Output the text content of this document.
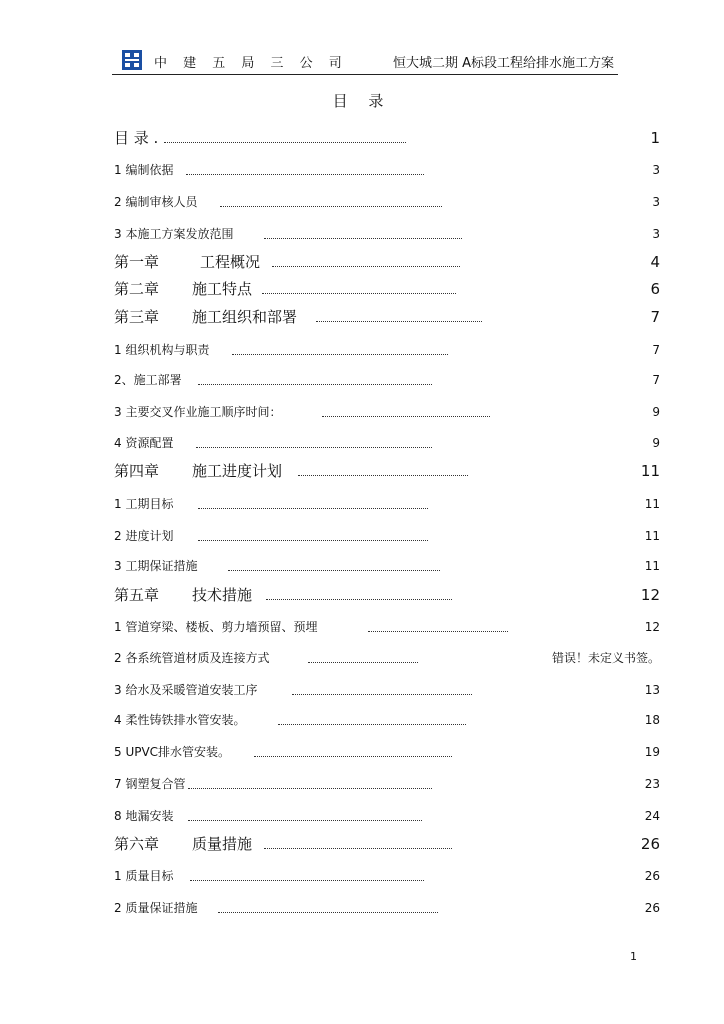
中 建 五 局 三 公 司	恒大城二期 A标段工程给排水施工方案
目 录
目 录 .	1
1 编制依据	3
2 编制审核人员	3
3 本施工方案发放范围	3
第一章	工程概况	4
第二章 施工特点	6
第三章 施工组织和部署	7
1 组织机构与职责	7
2、施工部署	7
3 主要交叉作业施工顺序时间：	9
4 资源配置	9
第四章 施工进度计划	11
1 工期目标	11
2 进度计划	11
3 工期保证措施	11
第五章 技术措施	12
1 管道穿梁、楼板、剪力墙预留、预埋	12
2 各系统管道材质及连接方式	错误！未定义书签。
3 给水及采暖管道安装工序	13
4 柔性铸铁排水管安装。	18
5 UPVC排水管安装。	19
7 钢塑复合管	23
8 地漏安装	24
第六章 质量措施	26
1 质量目标	26
2 质量保证措施	26
1
